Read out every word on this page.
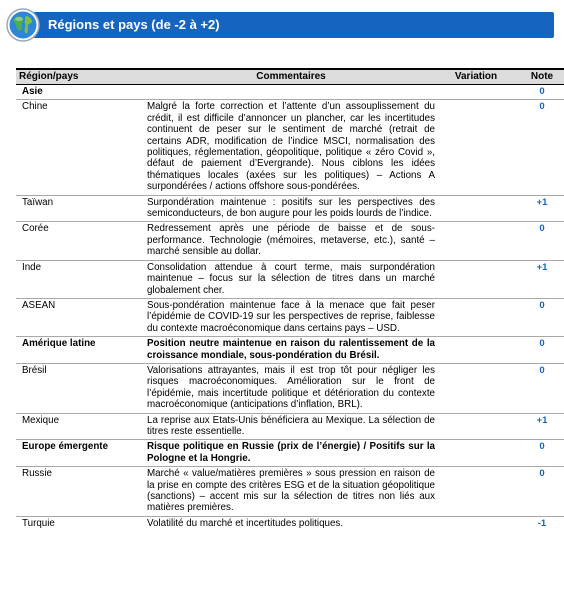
Régions et pays (de -2 à +2)
Région/pays	Commentaires	Variation	Note
Asie			0
Chine	Malgré la forte correction et l’attente d’un assouplissement du crédit, il est difficile d’annoncer un plancher, car les incertitudes continuent de peser sur le sentiment de marché (retrait de certains ADR, modification de l’indice MSCI, normalisation des politiques, réglementation, géopolitique, politique « zéro Covid », défaut de paiement d’Evergrande). Nous ciblons les idées thématiques locales (axées sur les politiques) – Actions A surpondérées / actions offshore sous-pondérées.		0
Taïwan	Surpondération maintenue : positifs sur les perspectives des semiconducteurs, de bon augure pour les poids lourds de l’indice.		+1
Corée	Redressement après une période de baisse et de sous-performance. Technologie (mémoires, metaverse, etc.), santé – marché sensible au dollar.		0
Inde	Consolidation attendue à court terme, mais surpondération maintenue – focus sur la sélection de titres dans un marché globalement cher.		+1
ASEAN	Sous-pondération maintenue face à la menace que fait peser l’épidémie de COVID-19 sur les perspectives de reprise, faiblesse du contexte macroéconomique dans certains pays – USD.		0
Amérique latine	Position neutre maintenue en raison du ralentissement de la croissance mondiale, sous-pondération du Brésil.		0
Brésil	Valorisations attrayantes, mais il est trop tôt pour négliger les risques macroéconomiques. Amélioration sur le front de l’épidémie, mais incertitude politique et détérioration du contexte macroéconomique (anticipations d’inflation, BRL).		0
Mexique	La reprise aux Etats-Unis bénéficiera au Mexique. La sélection de titres reste essentielle.		+1
Europe émergente	Risque politique en Russie (prix de l’énergie) / Positifs sur la Pologne et la Hongrie.		0
Russie	Marché « value/matières premières » sous pression en raison de la prise en compte des critères ESG et de la situation géopolitique (sanctions) – accent mis sur la sélection de titres non liés aux matières premières.		0
Turquie	Volatilité du marché et incertitudes politiques.		-1
